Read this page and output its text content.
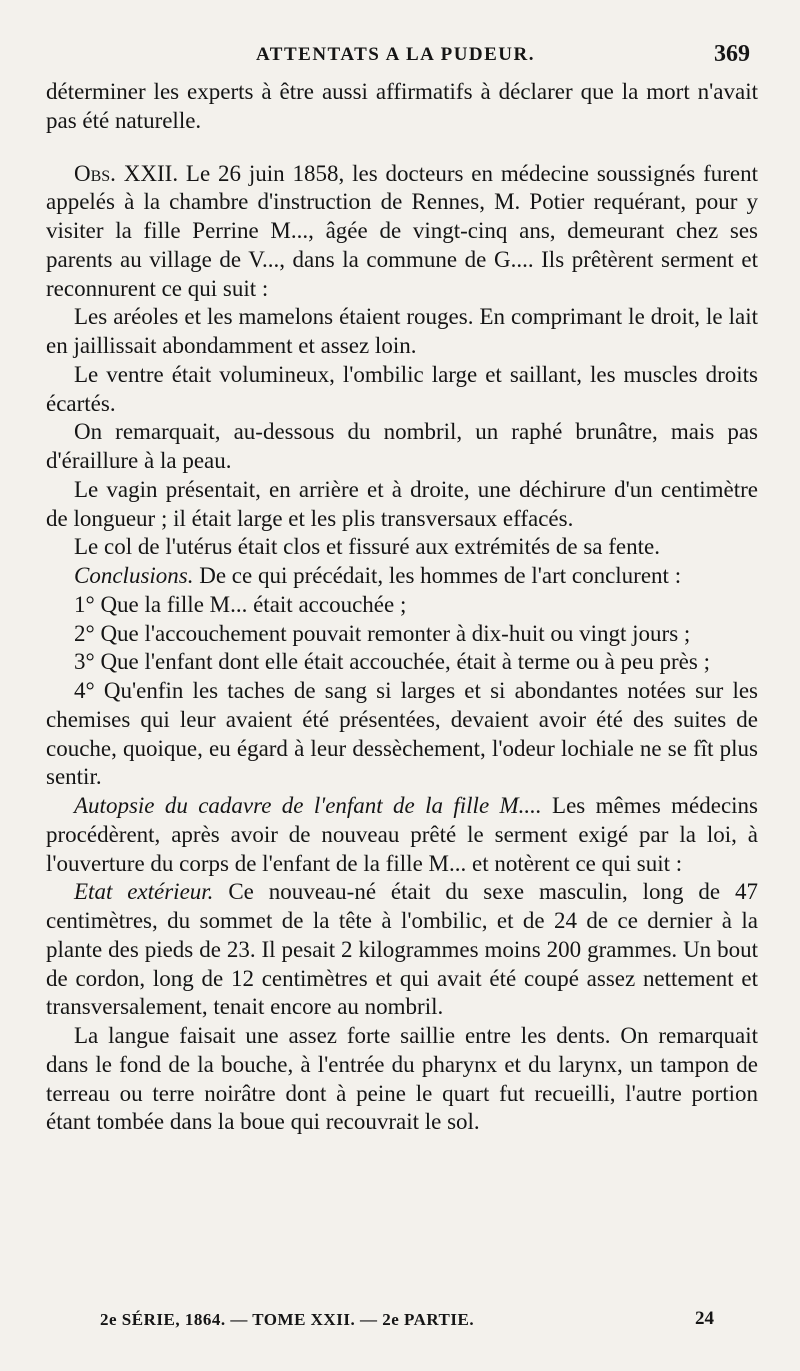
ATTENTATS A LA PUDEUR.	369

déterminer les experts à être aussi affirmatifs à déclarer que la mort n'avait pas été naturelle.

Obs. XXII. Le 26 juin 1858, les docteurs en médecine soussignés furent appelés à la chambre d'instruction de Rennes, M. Potier requérant, pour y visiter la fille Perrine M..., âgée de vingt-cinq ans, demeurant chez ses parents au village de V..., dans la commune de G.... Ils prêtèrent serment et reconnurent ce qui suit :

Les aréoles et les mamelons étaient rouges. En comprimant le droit, le lait en jaillissait abondamment et assez loin.

Le ventre était volumineux, l'ombilic large et saillant, les muscles droits écartés.

On remarquait, au-dessous du nombril, un raphé brunâtre, mais pas d'éraillure à la peau.

Le vagin présentait, en arrière et à droite, une déchirure d'un centimètre de longueur ; il était large et les plis transversaux effacés.

Le col de l'utérus était clos et fissuré aux extrémités de sa fente.

Conclusions. De ce qui précédait, les hommes de l'art conclurent :

1° Que la fille M... était accouchée ;

2° Que l'accouchement pouvait remonter à dix-huit ou vingt jours ;

3° Que l'enfant dont elle était accouchée, était à terme ou à peu près ;

4° Qu'enfin les taches de sang si larges et si abondantes notées sur les chemises qui leur avaient été présentées, devaient avoir été des suites de couche, quoique, eu égard à leur dessèchement, l'odeur lochiale ne se fît plus sentir.

Autopsie du cadavre de l'enfant de la fille M.... Les mêmes médecins procédèrent, après avoir de nouveau prêté le serment exigé par la loi, à l'ouverture du corps de l'enfant de la fille M... et notèrent ce qui suit :

Etat extérieur. Ce nouveau-né était du sexe masculin, long de 47 centimètres, du sommet de la tête à l'ombilic, et de 24 de ce dernier à la plante des pieds de 23. Il pesait 2 kilogrammes moins 200 grammes. Un bout de cordon, long de 12 centimètres et qui avait été coupé assez nettement et transversalement, tenait encore au nombril.

La langue faisait une assez forte saillie entre les dents. On remarquait dans le fond de la bouche, à l'entrée du pharynx et du larynx, un tampon de terreau ou terre noirâtre dont à peine le quart fut recueilli, l'autre portion étant tombée dans la boue qui recouvrait le sol.

2e SÉRIE, 1864. — TOME XXII. — 2e PARTIE.	24
